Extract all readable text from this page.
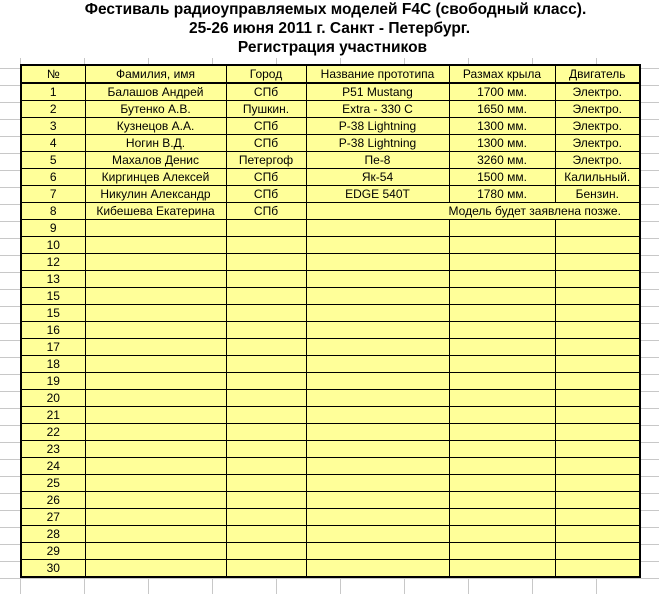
Фестиваль радиоуправляемых моделей F4C (свободный класс).
25-26 июня 2011 г. Санкт - Петербург.
Регистрация участников
№	Фамилия, имя	Город	Название прототипа	Размах крыла	Двигатель
1	Балашов Андрей	СПб	P51 Mustang	1700 мм.	Электро.
2	Бутенко А.В.	Пушкин.	Extra - 330 C	1650 мм.	Электро.
3	Кузнецов А.А.	СПб	P-38 Lightning	1300 мм.	Электро.
4	Ногин В.Д.	СПб	P-38 Lightning	1300 мм.	Электро.
5	Махалов Денис	Петергоф	Пе-8	3260 мм.	Электро.
6	Киргинцев Алексей	СПб	Як-54	1500 мм.	Калильный.
7	Никулин Александр	СПб	EDGE 540T	1780 мм.	Бензин.
8	Кибешева Екатерина	СПб	Модель будет заявлена позже.		
9					
10					
12					
13					
15					
15					
16					
17					
18					
19					
20					
21					
22					
23					
24					
25					
26					
27					
28					
29					
30					
